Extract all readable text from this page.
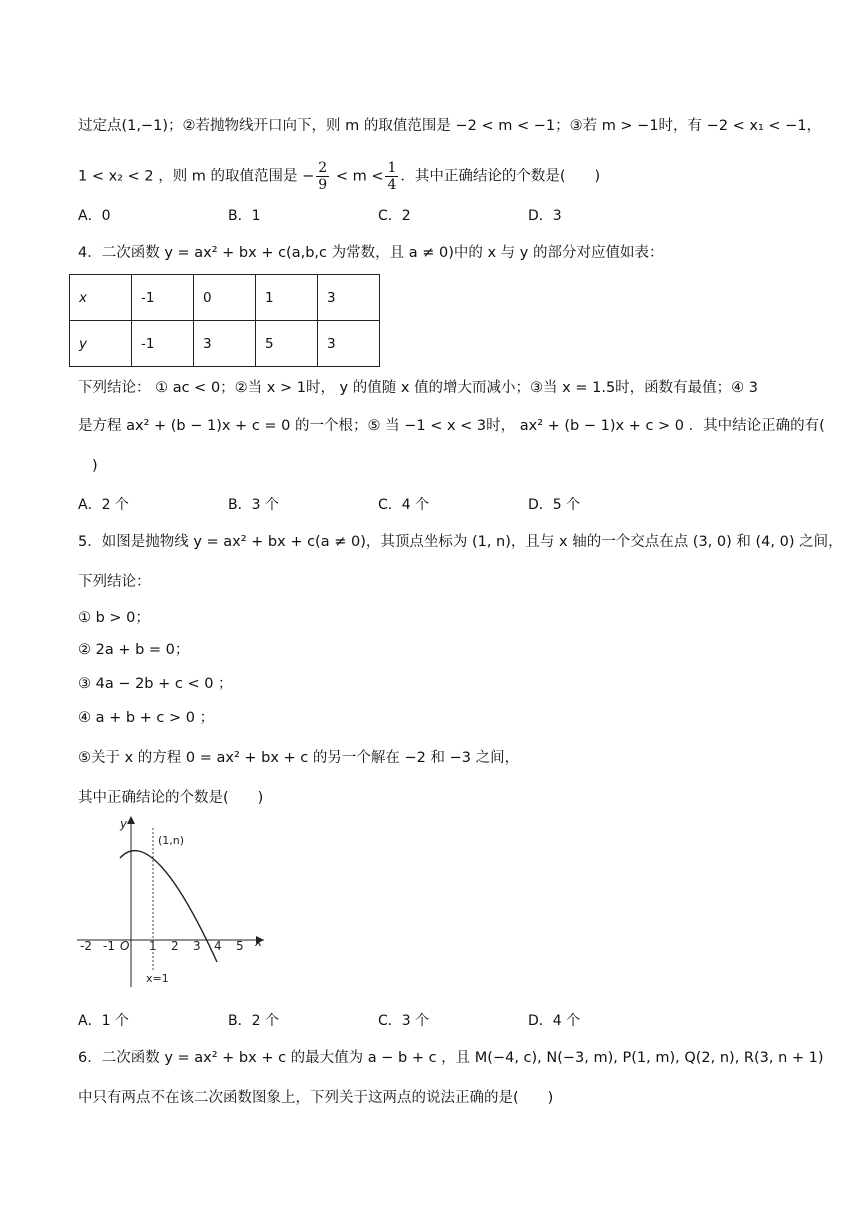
过定点(1,−1)；②若抛物线开口向下，则 m 的取值范围是 −2 < m < −1；③若 m > −1时，有 −2 < x₁ < −1，
1 < x₂ < 2 ，则 m 的取值范围是 − $\frac{2}{9} < m < \frac{1}{4}$ ．其中正确结论的个数是(　　)
A．0	B．1	C．2	D．3
4．二次函数 y = ax² + bx + c(a,b,c 为常数，且 a ≠ 0)中的 x 与 y 的部分对应值如表：
x	-1	0	1	3
y	-1	3	5	3
下列结论： ① ac < 0；②当 x > 1时， y 的值随 x 值的增大而减小；③当 x = 1.5时，函数有最值；④ 3
是方程 ax² + (b − 1)x + c = 0 的一个根；⑤ 当 −1 < x < 3时， ax² + (b − 1)x + c > 0 ．其中结论正确的有(
)
A．2 个	B．3 个	C．4 个	D．5 个
5．如图是抛物线 y = ax² + bx + c(a ≠ 0)，其顶点坐标为 (1, n)，且与 x 轴的一个交点在点 (3, 0) 和 (4, 0) 之间，
下列结论：
① b > 0；
② 2a + b = 0；
③ 4a − 2b + c < 0 ；
④ a + b + c > 0 ；
⑤关于 x 的方程 0 = ax² + bx + c 的另一个解在 −2 和 −3 之间，
其中正确结论的个数是(　　)
y
x
(1,n)
O
-2 -1	1 2 3 4 5
x=1
A．1 个	B．2 个	C．3 个	D．4 个
6．二次函数 y = ax² + bx + c 的最大值为 a − b + c ，且 M(−4, c), N(−3, m), P(1, m), Q(2, n), R(3, n + 1)
中只有两点不在该二次函数图象上，下列关于这两点的说法正确的是(　　)
